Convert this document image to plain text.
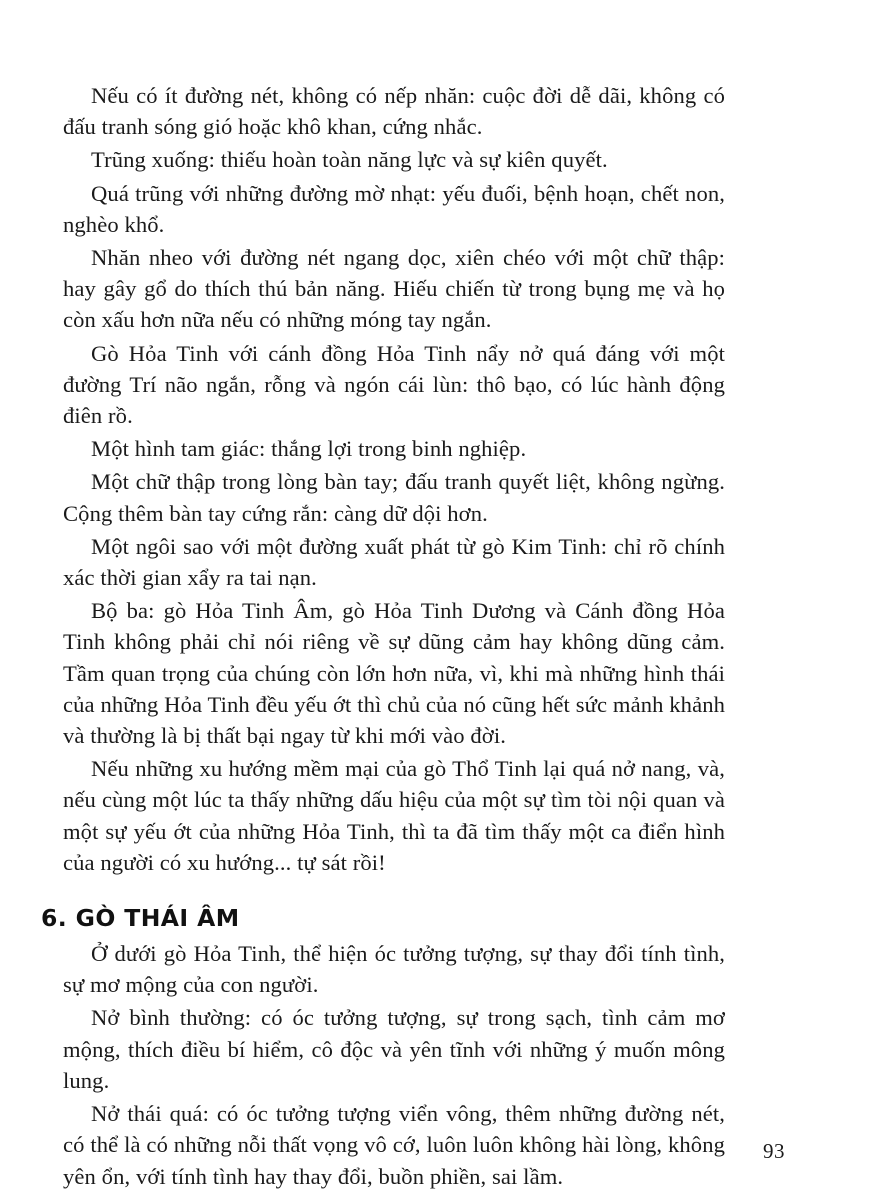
Nếu có ít đường nét, không có nếp nhăn: cuộc đời dễ dãi, không có đấu tranh sóng gió hoặc khô khan, cứng nhắc.

Trũng xuống: thiếu hoàn toàn năng lực và sự kiên quyết.

Quá trũng với những đường mờ nhạt: yếu đuối, bệnh hoạn, chết non, nghèo khổ.

Nhăn nheo với đường nét ngang dọc, xiên chéo với một chữ thập: hay gây gổ do thích thú bản năng. Hiếu chiến từ trong bụng mẹ và họ còn xấu hơn nữa nếu có những móng tay ngắn.

Gò Hỏa Tinh với cánh đồng Hỏa Tinh nẩy nở quá đáng với một đường Trí não ngắn, rỗng và ngón cái lùn: thô bạo, có lúc hành động điên rồ.

Một hình tam giác: thắng lợi trong binh nghiệp.

Một chữ thập trong lòng bàn tay; đấu tranh quyết liệt, không ngừng. Cộng thêm bàn tay cứng rắn: càng dữ dội hơn.

Một ngôi sao với một đường xuất phát từ gò Kim Tinh: chỉ rõ chính xác thời gian xẩy ra tai nạn.

Bộ ba: gò Hỏa Tinh Âm, gò Hỏa Tinh Dương và Cánh đồng Hỏa Tinh không phải chỉ nói riêng về sự dũng cảm hay không dũng cảm. Tầm quan trọng của chúng còn lớn hơn nữa, vì, khi mà những hình thái của những Hỏa Tinh đều yếu ớt thì chủ của nó cũng hết sức mảnh khảnh và thường là bị thất bại ngay từ khi mới vào đời.

Nếu những xu hướng mềm mại của gò Thổ Tinh lại quá nở nang, và, nếu cùng một lúc ta thấy những dấu hiệu của một sự tìm tòi nội quan và một sự yếu ớt của những Hỏa Tinh, thì ta đã tìm thấy một ca điển hình của người có xu hướng... tự sát rồi!

6. GÒ THÁI ÂM

Ở dưới gò Hỏa Tinh, thể hiện óc tưởng tượng, sự thay đổi tính tình, sự mơ mộng của con người.

Nở bình thường: có óc tưởng tượng, sự trong sạch, tình cảm mơ mộng, thích điều bí hiểm, cô độc và yên tĩnh với những ý muốn mông lung.

Nở thái quá: có óc tưởng tượng viển vông, thêm những đường nét, có thể là có những nỗi thất vọng vô cớ, luôn luôn không hài lòng, không yên ổn, với tính tình hay thay đổi, buồn phiền, sai lầm.

93
